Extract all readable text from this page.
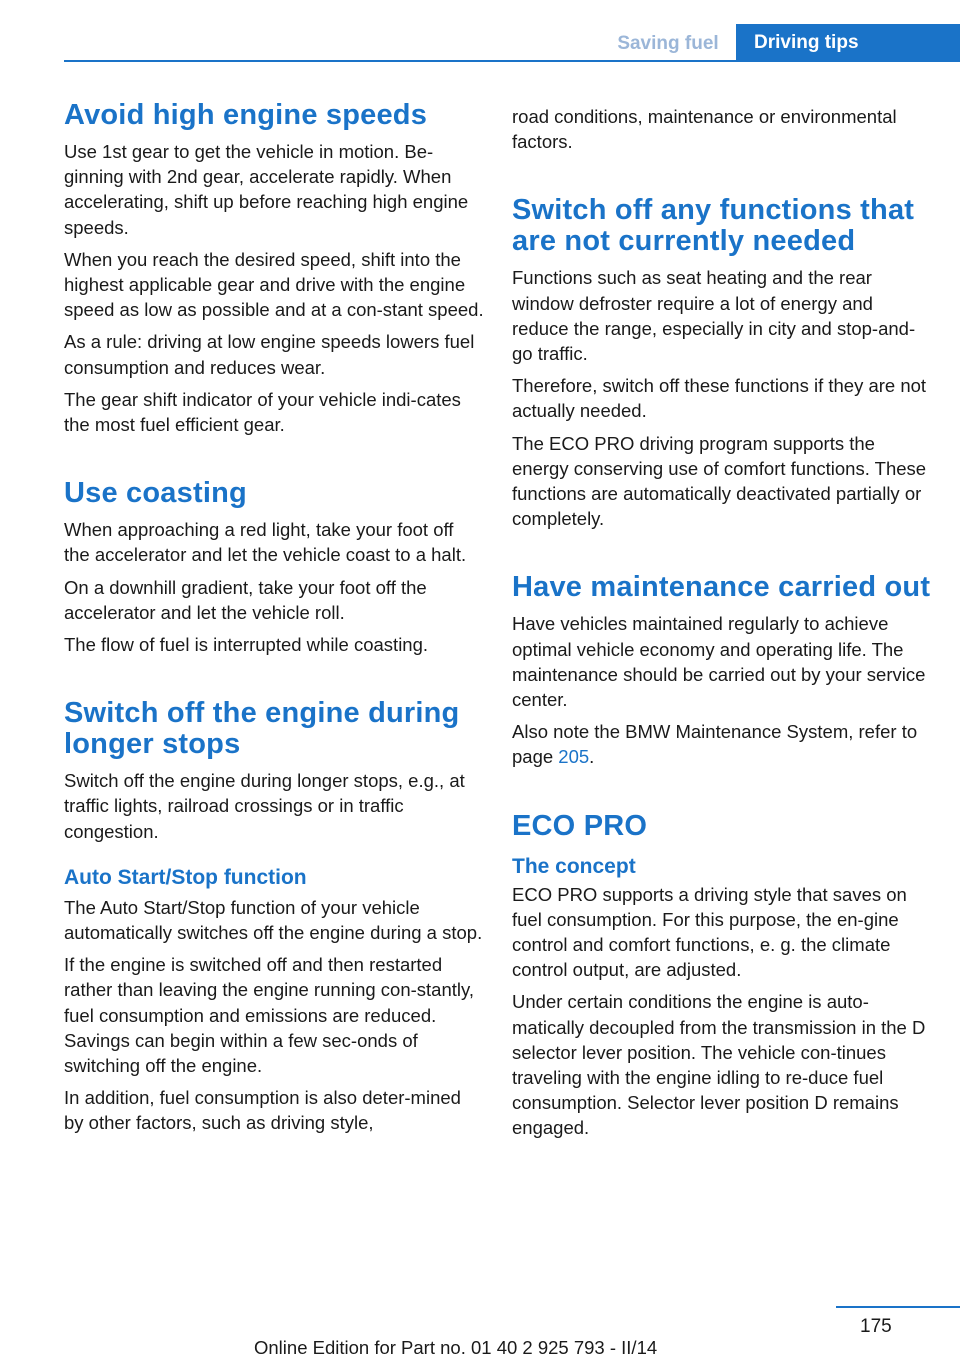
Saving fuel	Driving tips
Avoid high engine speeds

Use 1st gear to get the vehicle in motion. Be-ginning with 2nd gear, accelerate rapidly. When accelerating, shift up before reaching high engine speeds.

When you reach the desired speed, shift into the highest applicable gear and drive with the engine speed as low as possible and at a con-stant speed.

As a rule: driving at low engine speeds lowers fuel consumption and reduces wear.

The gear shift indicator of your vehicle indi-cates the most fuel efficient gear.

Use coasting

When approaching a red light, take your foot off the accelerator and let the vehicle coast to a halt.

On a downhill gradient, take your foot off the accelerator and let the vehicle roll.

The flow of fuel is interrupted while coasting.

Switch off the engine during longer stops

Switch off the engine during longer stops, e.g., at traffic lights, railroad crossings or in traffic congestion.

Auto Start/Stop function

The Auto Start/Stop function of your vehicle automatically switches off the engine during a stop.

If the engine is switched off and then restarted rather than leaving the engine running con-stantly, fuel consumption and emissions are reduced. Savings can begin within a few sec-onds of switching off the engine.

In addition, fuel consumption is also deter-mined by other factors, such as driving style,

road conditions, maintenance or environmental factors.

Switch off any functions that are not currently needed

Functions such as seat heating and the rear window defroster require a lot of energy and reduce the range, especially in city and stop-and-go traffic.

Therefore, switch off these functions if they are not actually needed.

The ECO PRO driving program supports the energy conserving use of comfort functions. These functions are automatically deactivated partially or completely.

Have maintenance carried out

Have vehicles maintained regularly to achieve optimal vehicle economy and operating life. The maintenance should be carried out by your service center.

Also note the BMW Maintenance System, refer to page 205.

ECO PRO
The concept

ECO PRO supports a driving style that saves on fuel consumption. For this purpose, the en-gine control and comfort functions, e. g. the climate control output, are adjusted.

Under certain conditions the engine is auto-matically decoupled from the transmission in the D selector lever position. The vehicle con-tinues traveling with the engine idling to re-duce fuel consumption. Selector lever position D remains engaged.

175
Online Edition for Part no. 01 40 2 925 793 - II/14
